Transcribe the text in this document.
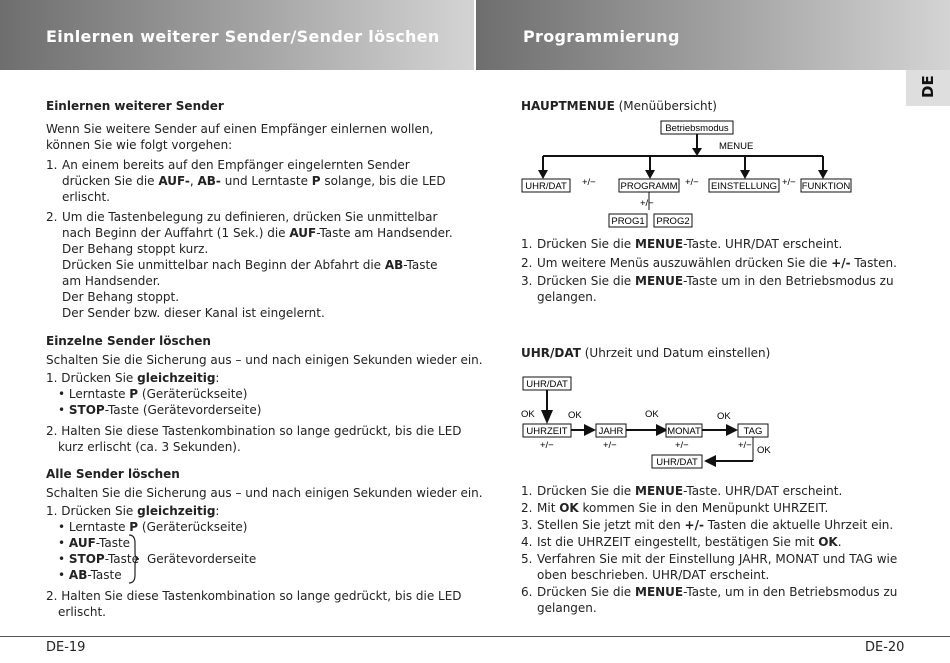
Einlernen weiterer Sender/Sender löschen	Programmierung
DE
Einlernen weiterer Sender
Wenn Sie weitere Sender auf einen Empfänger einlernen wollen,
können Sie wie folgt vorgehen:
1. An einem bereits auf den Empfänger eingelernten Sender
drücken Sie die AUF-, AB- und Lerntaste P solange, bis die LED
erlischt.
2. Um die Tastenbelegung zu definieren, drücken Sie unmittelbar
nach Beginn der Auffahrt (1 Sek.) die AUF-Taste am Handsender.
Der Behang stoppt kurz.
Drücken Sie unmittelbar nach Beginn der Abfahrt die AB-Taste
am Handsender.
Der Behang stoppt.
Der Sender bzw. dieser Kanal ist eingelernt.
Einzelne Sender löschen
Schalten Sie die Sicherung aus – und nach einigen Sekunden wieder ein.
1. Drücken Sie gleichzeitig:
• Lerntaste P (Geräterückseite)
• STOP-Taste (Gerätevorderseite)
2. Halten Sie diese Tastenkombination so lange gedrückt, bis die LED
kurz erlischt (ca. 3 Sekunden).
Alle Sender löschen
Schalten Sie die Sicherung aus – und nach einigen Sekunden wieder ein.
1. Drücken Sie gleichzeitig:
• Lerntaste P (Geräterückseite)
• AUF-Taste
• STOP-Taste
• AB-Taste
Gerätevorderseite
2. Halten Sie diese Tastenkombination so lange gedrückt, bis die LED
erlischt.
HAUPTMENUE (Menüübersicht)
Betriebsmodus
MENUE
UHR/DAT +/−	PROGRAMM +/− EINSTELLUNG +/− FUNKTION
+/−
PROG1 PROG2
1. Drücken Sie die MENUE-Taste. UHR/DAT erscheint.
2. Um weitere Menüs auszuwählen drücken Sie die +/- Tasten.
3. Drücken Sie die MENUE-Taste um in den Betriebsmodus zu
gelangen.
UHR/DAT (Uhrzeit und Datum einstellen)
UHR/DAT
OK
UHRZEIT
+/−
OK
JAHR
+/−
OK
MONAT
+/−
OK
TAG
+/− OK
UHR/DAT
1. Drücken Sie die MENUE-Taste. UHR/DAT erscheint.
2. Mit OK kommen Sie in den Menüpunkt UHRZEIT.
3. Stellen Sie jetzt mit den +/- Tasten die aktuelle Uhrzeit ein.
4. Ist die UHRZEIT eingestellt, bestätigen Sie mit OK.
5. Verfahren Sie mit der Einstellung JAHR, MONAT und TAG wie
oben beschrieben. UHR/DAT erscheint.
6. Drücken Sie die MENUE-Taste, um in den Betriebsmodus zu
gelangen.
DE-19	DE-20
